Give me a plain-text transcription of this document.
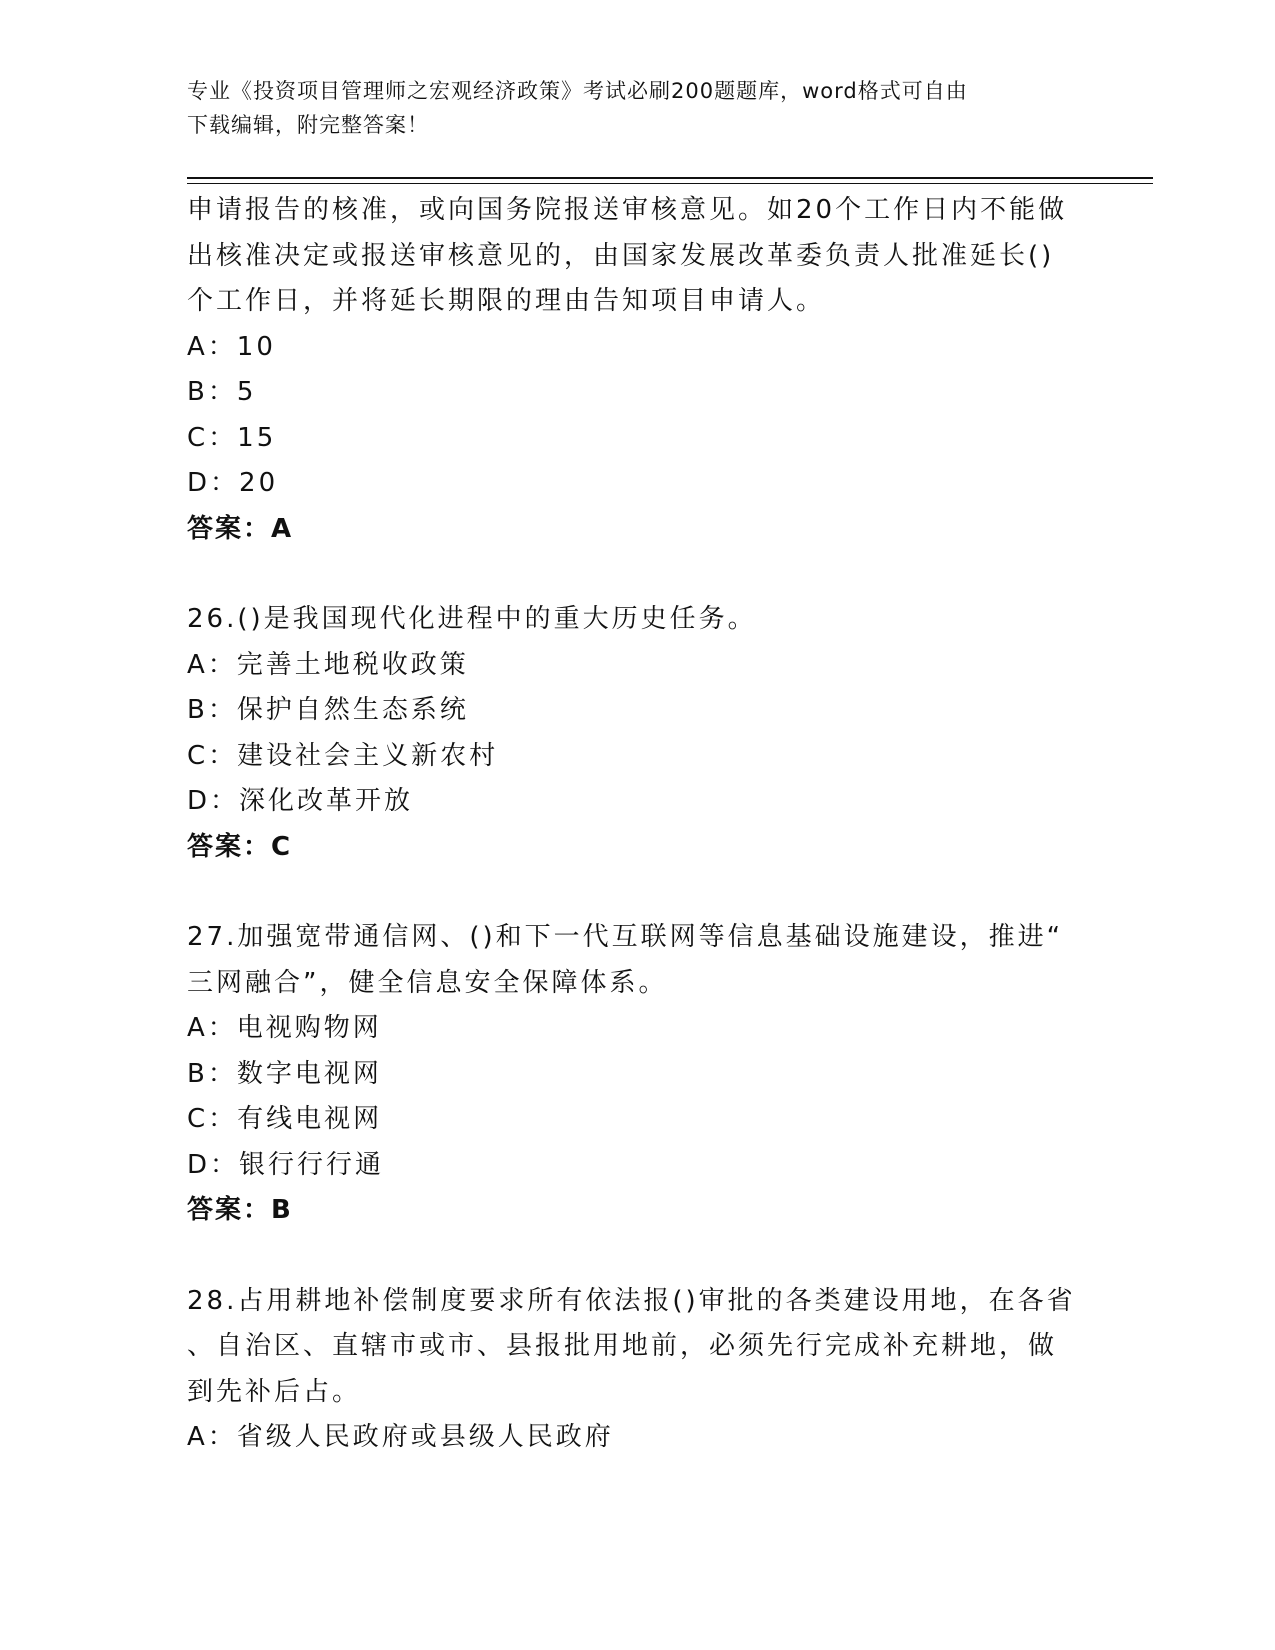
专业《投资项目管理师之宏观经济政策》考试必刷200题题库，word格式可自由
下载编辑，附完整答案！
申请报告的核准，或向国务院报送审核意见。如20个工作日内不能做
出核准决定或报送审核意见的，由国家发展改革委负责人批准延长()
个工作日，并将延长期限的理由告知项目申请人。
A：10
B：5
C：15
D：20
答案：A
26.()是我国现代化进程中的重大历史任务。
A：完善土地税收政策
B：保护自然生态系统
C：建设社会主义新农村
D：深化改革开放
答案：C
27.加强宽带通信网、()和下一代互联网等信息基础设施建设，推进“
三网融合”，健全信息安全保障体系。
A：电视购物网
B：数字电视网
C：有线电视网
D：银行行行通
答案：B
28.占用耕地补偿制度要求所有依法报()审批的各类建设用地，在各省
、自治区、直辖市或市、县报批用地前，必须先行完成补充耕地，做
到先补后占。
A：省级人民政府或县级人民政府
